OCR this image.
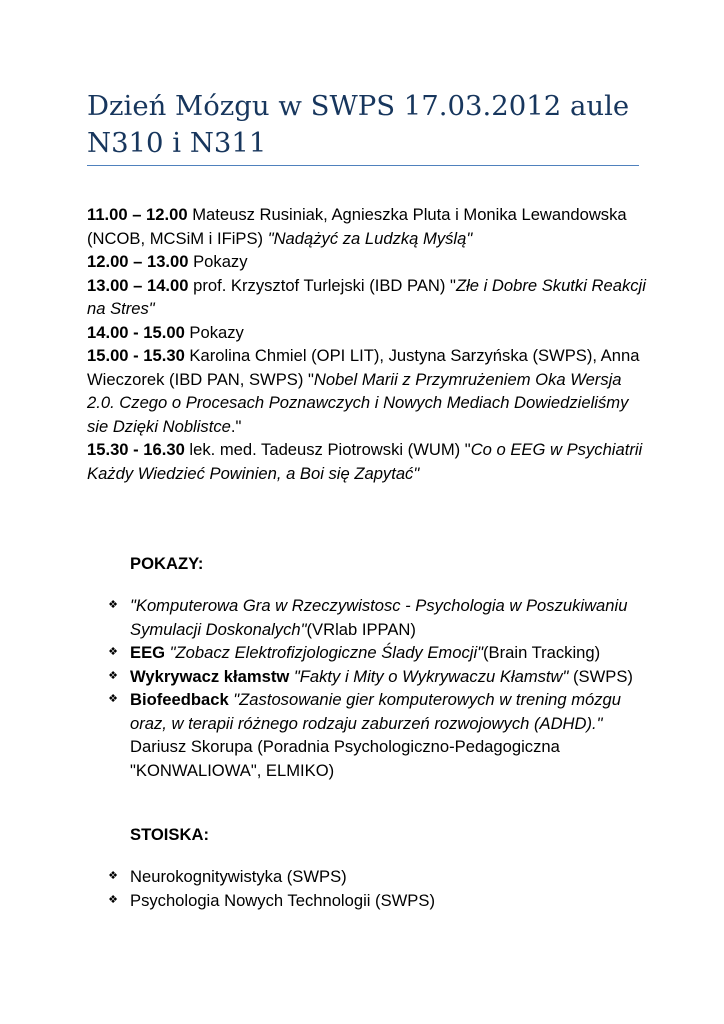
Dzień Mózgu w SWPS 17.03.2012 aule N310 i N311

11.00 – 12.00 Mateusz Rusiniak, Agnieszka Pluta i Monika Lewandowska (NCOB, MCSiM i IFiPS) "Nadążyć za Ludzką Myślą"

12.00 – 13.00 Pokazy

13.00 – 14.00 prof. Krzysztof Turlejski (IBD PAN) "Złe i Dobre Skutki Reakcji na Stres"

14.00 - 15.00 Pokazy

15.00 - 15.30 Karolina Chmiel (OPI LIT), Justyna Sarzyńska (SWPS), Anna Wieczorek (IBD PAN, SWPS) "Nobel Marii z Przymrużeniem Oka Wersja 2.0. Czego o Procesach Poznawczych i Nowych Mediach Dowiedzieliśmy sie Dzięki Noblistce."

15.30 - 16.30 lek. med. Tadeusz Piotrowski (WUM) "Co o EEG w Psychiatrii Każdy Wiedzieć Powinien, a Boi się Zapytać"

POKAZY:
❖ "Komputerowa Gra w Rzeczywistosc - Psychologia w Poszukiwaniu Symulacji Doskonalych"(VRlab IPPAN)
❖ EEG "Zobacz Elektrofizjologiczne Ślady Emocji"(Brain Tracking)
❖ Wykrywacz kłamstw "Fakty i Mity o Wykrywaczu Kłamstw" (SWPS)
❖ Biofeedback "Zastosowanie gier komputerowych w trening mózgu oraz, w terapii różnego rodzaju zaburzeń rozwojowych (ADHD)." Dariusz Skorupa (Poradnia Psychologiczno-Pedagogiczna "KONWALIOWA", ELMIKO)
STOISKA:
❖ Neurokognitywistyka (SWPS)
❖ Psychologia Nowych Technologii (SWPS)
